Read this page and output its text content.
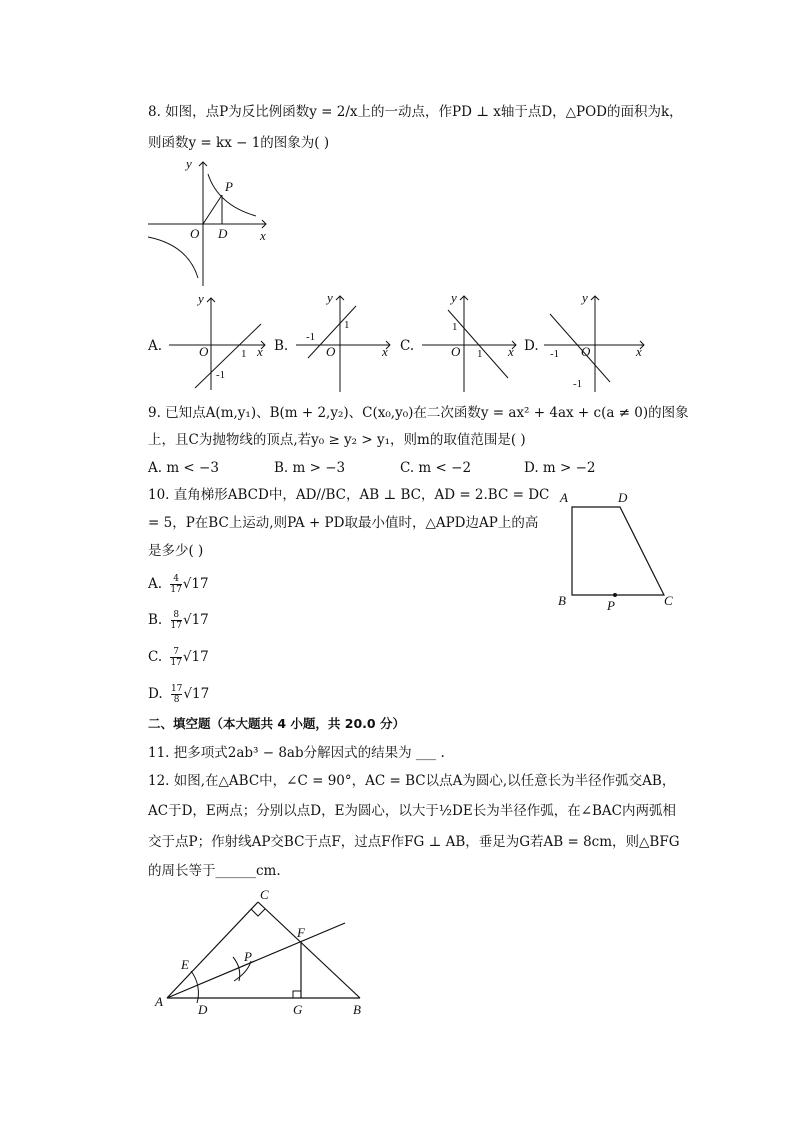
8. 如图，点P为反比例函数y = 2/x上的一动点，作PD ⊥ x轴于点D，△POD的面积为k，
则函数y = kx − 1的图象为( )
y
x
O
P
D
A.
y
x
O	1
-1
B.
y
x
O
-1
1
C.
y
x
O
1
1	D.
y
x
O
-1
-1
9. 已知点A(m,y₁)、B(m + 2,y₂)、C(x₀,y₀)在二次函数y = ax² + 4ax + c(a ≠ 0)的图象
上，且C为抛物线的顶点,若y₀ ≥ y₂ > y₁，则m的取值范围是( )
A. m < −3	B. m > −3	C. m < −2	D. m > −2
10. 直角梯形ABCD中，AD//BC，AB ⊥ BC，AD = 2.BC = DC
= 5，P在BC上运动,则PA + PD取最小值时，△APD边AP上的高
是多少( )
A. $\frac{4}{17} √17$
B. $\frac{8}{17} √17$
C. $\frac{7}{17} √17$
D. $\frac{17}{8} √17$
A	D
B	C
P
二、填空题（本大题共 4 小题，共 20.0 分）
11. 把多项式2ab³ − 8ab分解因式的结果为 ___ .
12. 如图,在△ABC中，∠C = 90°，AC = BC以点A为圆心,以任意长为半径作弧交AB，
AC于D，E两点；分别以点D，E为圆心，以大于½DE长为半径作弧，在∠BAC内两弧相
交于点P；作射线AP交BC于点F，过点F作FG ⊥ AB，垂足为G若AB = 8cm，则△BFG
的周长等于______cm.
A
C
B
E
D
F
G
P
